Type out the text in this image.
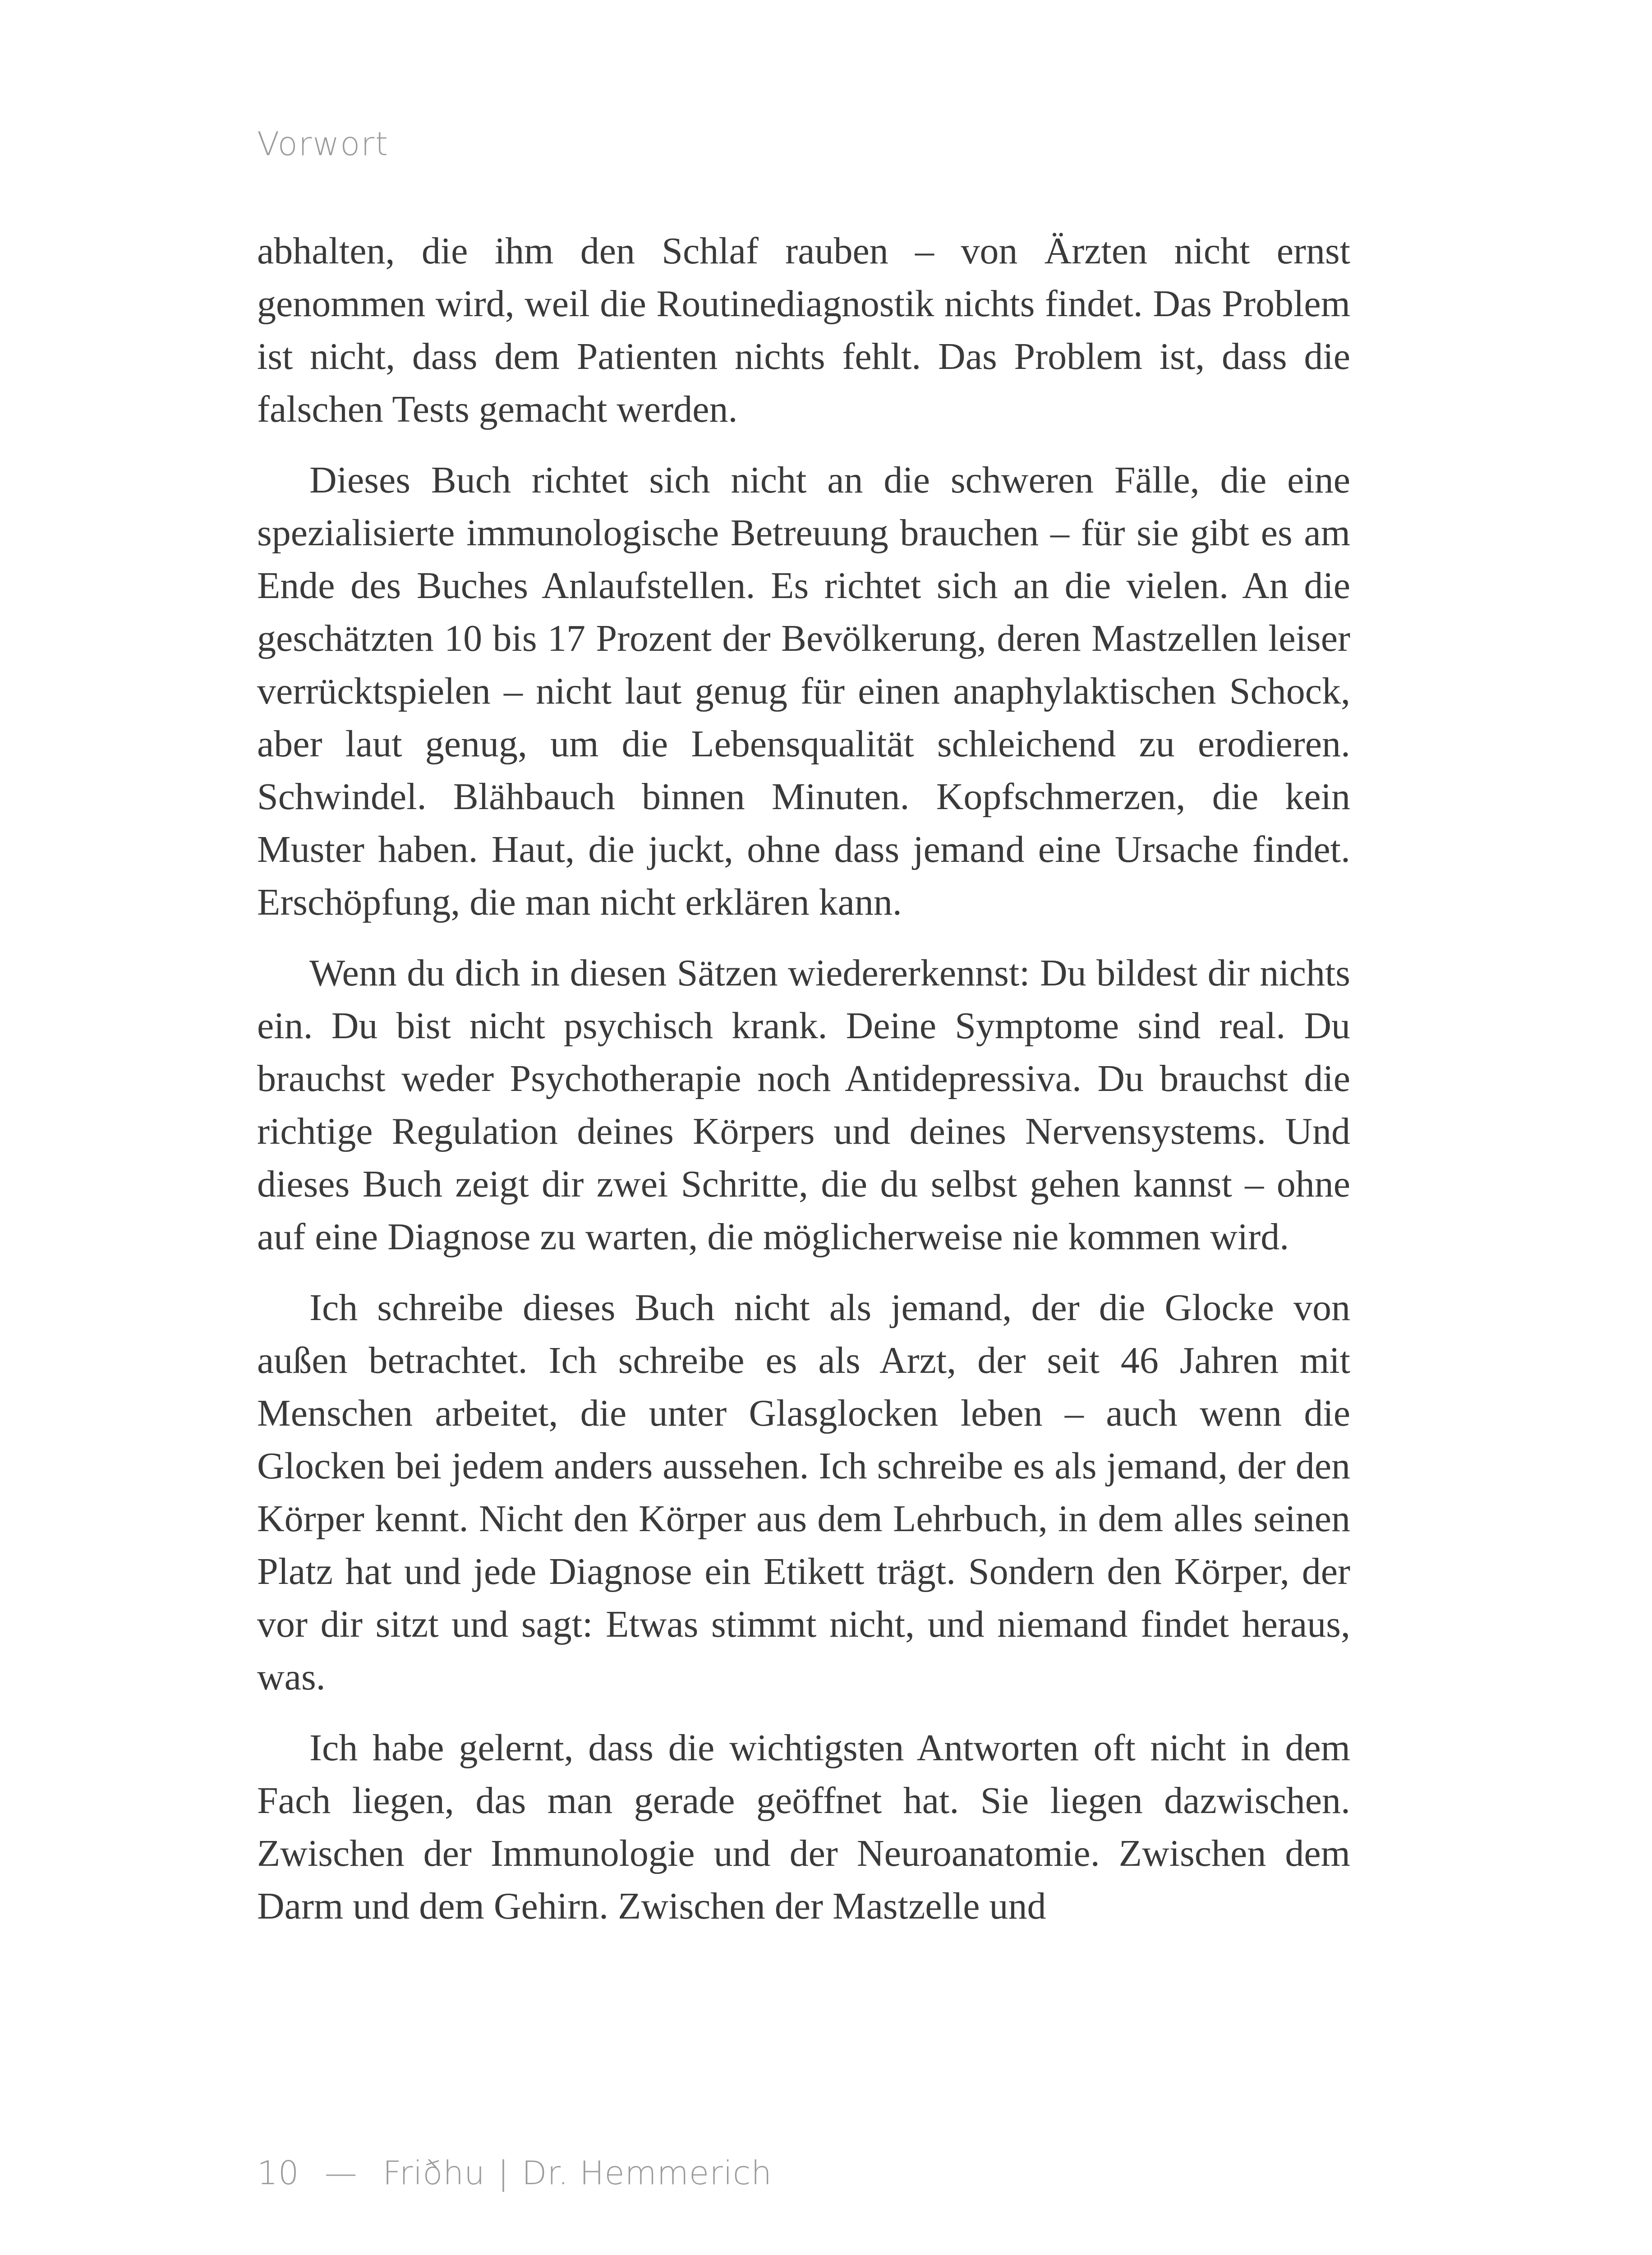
Vorwort

abhalten, die ihm den Schlaf rauben – von Ärzten nicht ernst genommen wird, weil die Routinediagnostik nichts findet. Das Problem ist nicht, dass dem Patienten nichts fehlt. Das Problem ist, dass die falschen Tests gemacht werden.

Dieses Buch richtet sich nicht an die schweren Fälle, die eine spezialisierte immunologische Betreuung brauchen – für sie gibt es am Ende des Buches Anlaufstellen. Es richtet sich an die vielen. An die geschätzten 10 bis 17 Prozent der Bevölkerung, deren Mastzellen leiser verrücktspielen – nicht laut genug für einen anaphylaktischen Schock, aber laut genug, um die Lebensqualität schleichend zu erodieren. Schwindel. Blähbauch binnen Minuten. Kopfschmerzen, die kein Muster haben. Haut, die juckt, ohne dass jemand eine Ursache findet. Erschöpfung, die man nicht erklären kann.

Wenn du dich in diesen Sätzen wiedererkennst: Du bildest dir nichts ein. Du bist nicht psychisch krank. Deine Symptome sind real. Du brauchst weder Psychotherapie noch Antidepressiva. Du brauchst die richtige Regulation deines Körpers und deines Nervensystems. Und dieses Buch zeigt dir zwei Schritte, die du selbst gehen kannst – ohne auf eine Diagnose zu warten, die möglicherweise nie kommen wird.

Ich schreibe dieses Buch nicht als jemand, der die Glocke von außen betrachtet. Ich schreibe es als Arzt, der seit 46 Jahren mit Menschen arbeitet, die unter Glasglocken leben – auch wenn die Glocken bei jedem anders aussehen. Ich schreibe es als jemand, der den Körper kennt. Nicht den Körper aus dem Lehrbuch, in dem alles seinen Platz hat und jede Diagnose ein Etikett trägt. Sondern den Körper, der vor dir sitzt und sagt: Etwas stimmt nicht, und niemand findet heraus, was.

Ich habe gelernt, dass die wichtigsten Antworten oft nicht in dem Fach liegen, das man gerade geöffnet hat. Sie liegen dazwischen. Zwischen der Immunologie und der Neuroanatomie. Zwischen dem Darm und dem Gehirn. Zwischen der Mastzelle und

10 — Friðhu | Dr. Hemmerich
